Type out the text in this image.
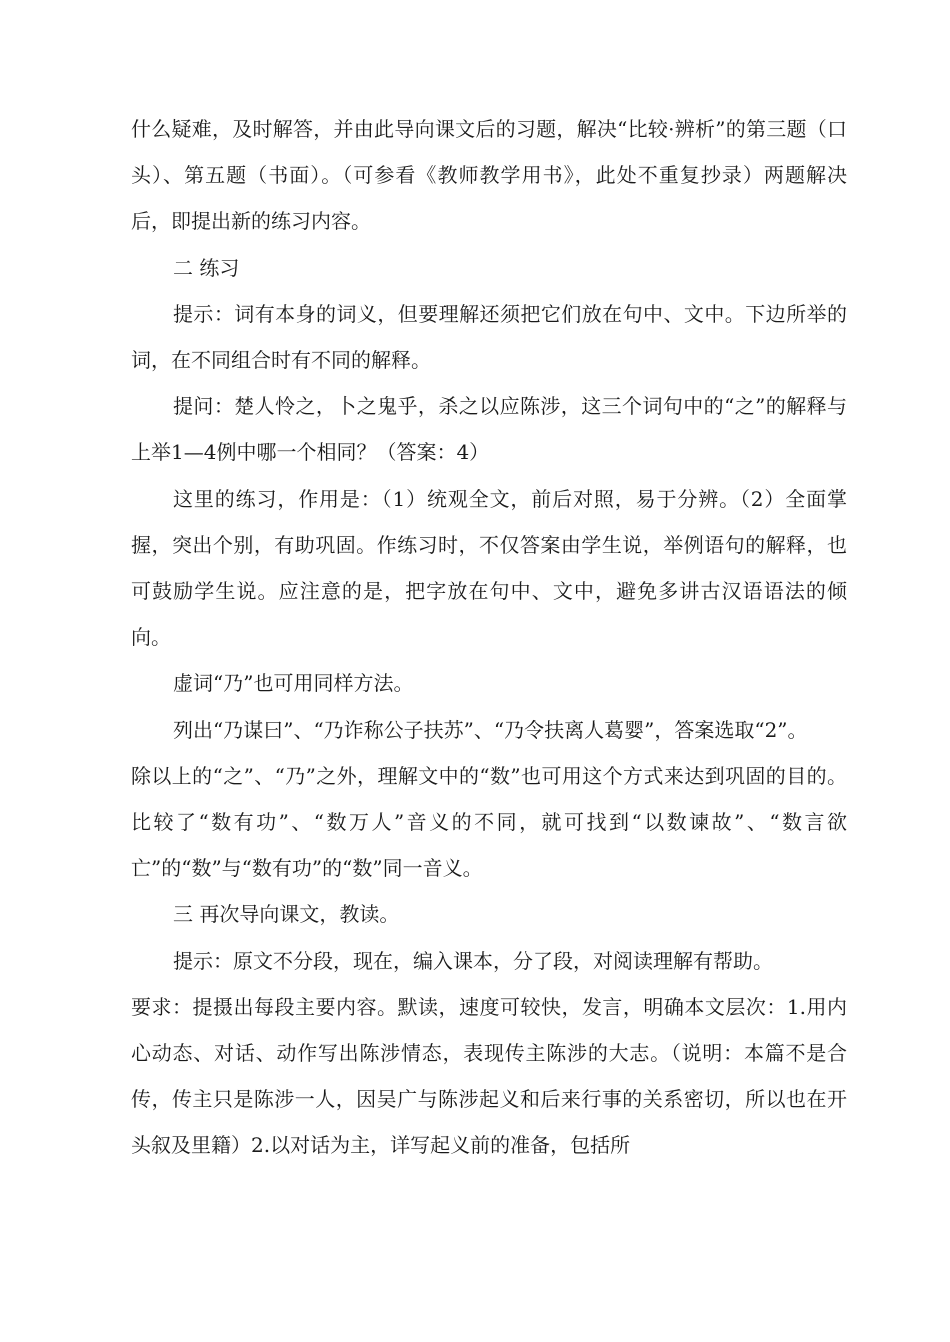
什么疑难，及时解答，并由此导向课文后的习题，解决“比较·辨析”的第三题（口头）、第五题（书面）。（可参看《教师教学用书》，此处不重复抄录）两题解决后，即提出新的练习内容。

二 练习

提示：词有本身的词义，但要理解还须把它们放在句中、文中。下边所举的词，在不同组合时有不同的解释。

提问：楚人怜之，卜之鬼乎，杀之以应陈涉，这三个词句中的“之”的解释与上举1—4例中哪一个相同？（答案：4）

这里的练习，作用是：（1）统观全文，前后对照，易于分辨。（2）全面掌握，突出个别，有助巩固。作练习时，不仅答案由学生说，举例语句的解释，也可鼓励学生说。应注意的是，把字放在句中、文中，避免多讲古汉语语法的倾向。

虚词“乃”也可用同样方法。

列出“乃谋曰”、“乃诈称公子扶苏”、“乃令扶离人葛婴”，答案选取“2”。

除以上的“之”、“乃”之外，理解文中的“数”也可用这个方式来达到巩固的目的。比较了“数有功”、“数万人”音义的不同，就可找到“以数谏故”、“数言欲亡”的“数”与“数有功”的“数”同一音义。

三 再次导向课文，教读。

提示：原文不分段，现在，编入课本，分了段，对阅读理解有帮助。

要求：提摄出每段主要内容。默读，速度可较快，发言，明确本文层次：1.用内心动态、对话、动作写出陈涉情态，表现传主陈涉的大志。（说明：本篇不是合传，传主只是陈涉一人，因吴广与陈涉起义和后来行事的关系密切，所以也在开头叙及里籍）2.以对话为主，详写起义前的准备，包括所
